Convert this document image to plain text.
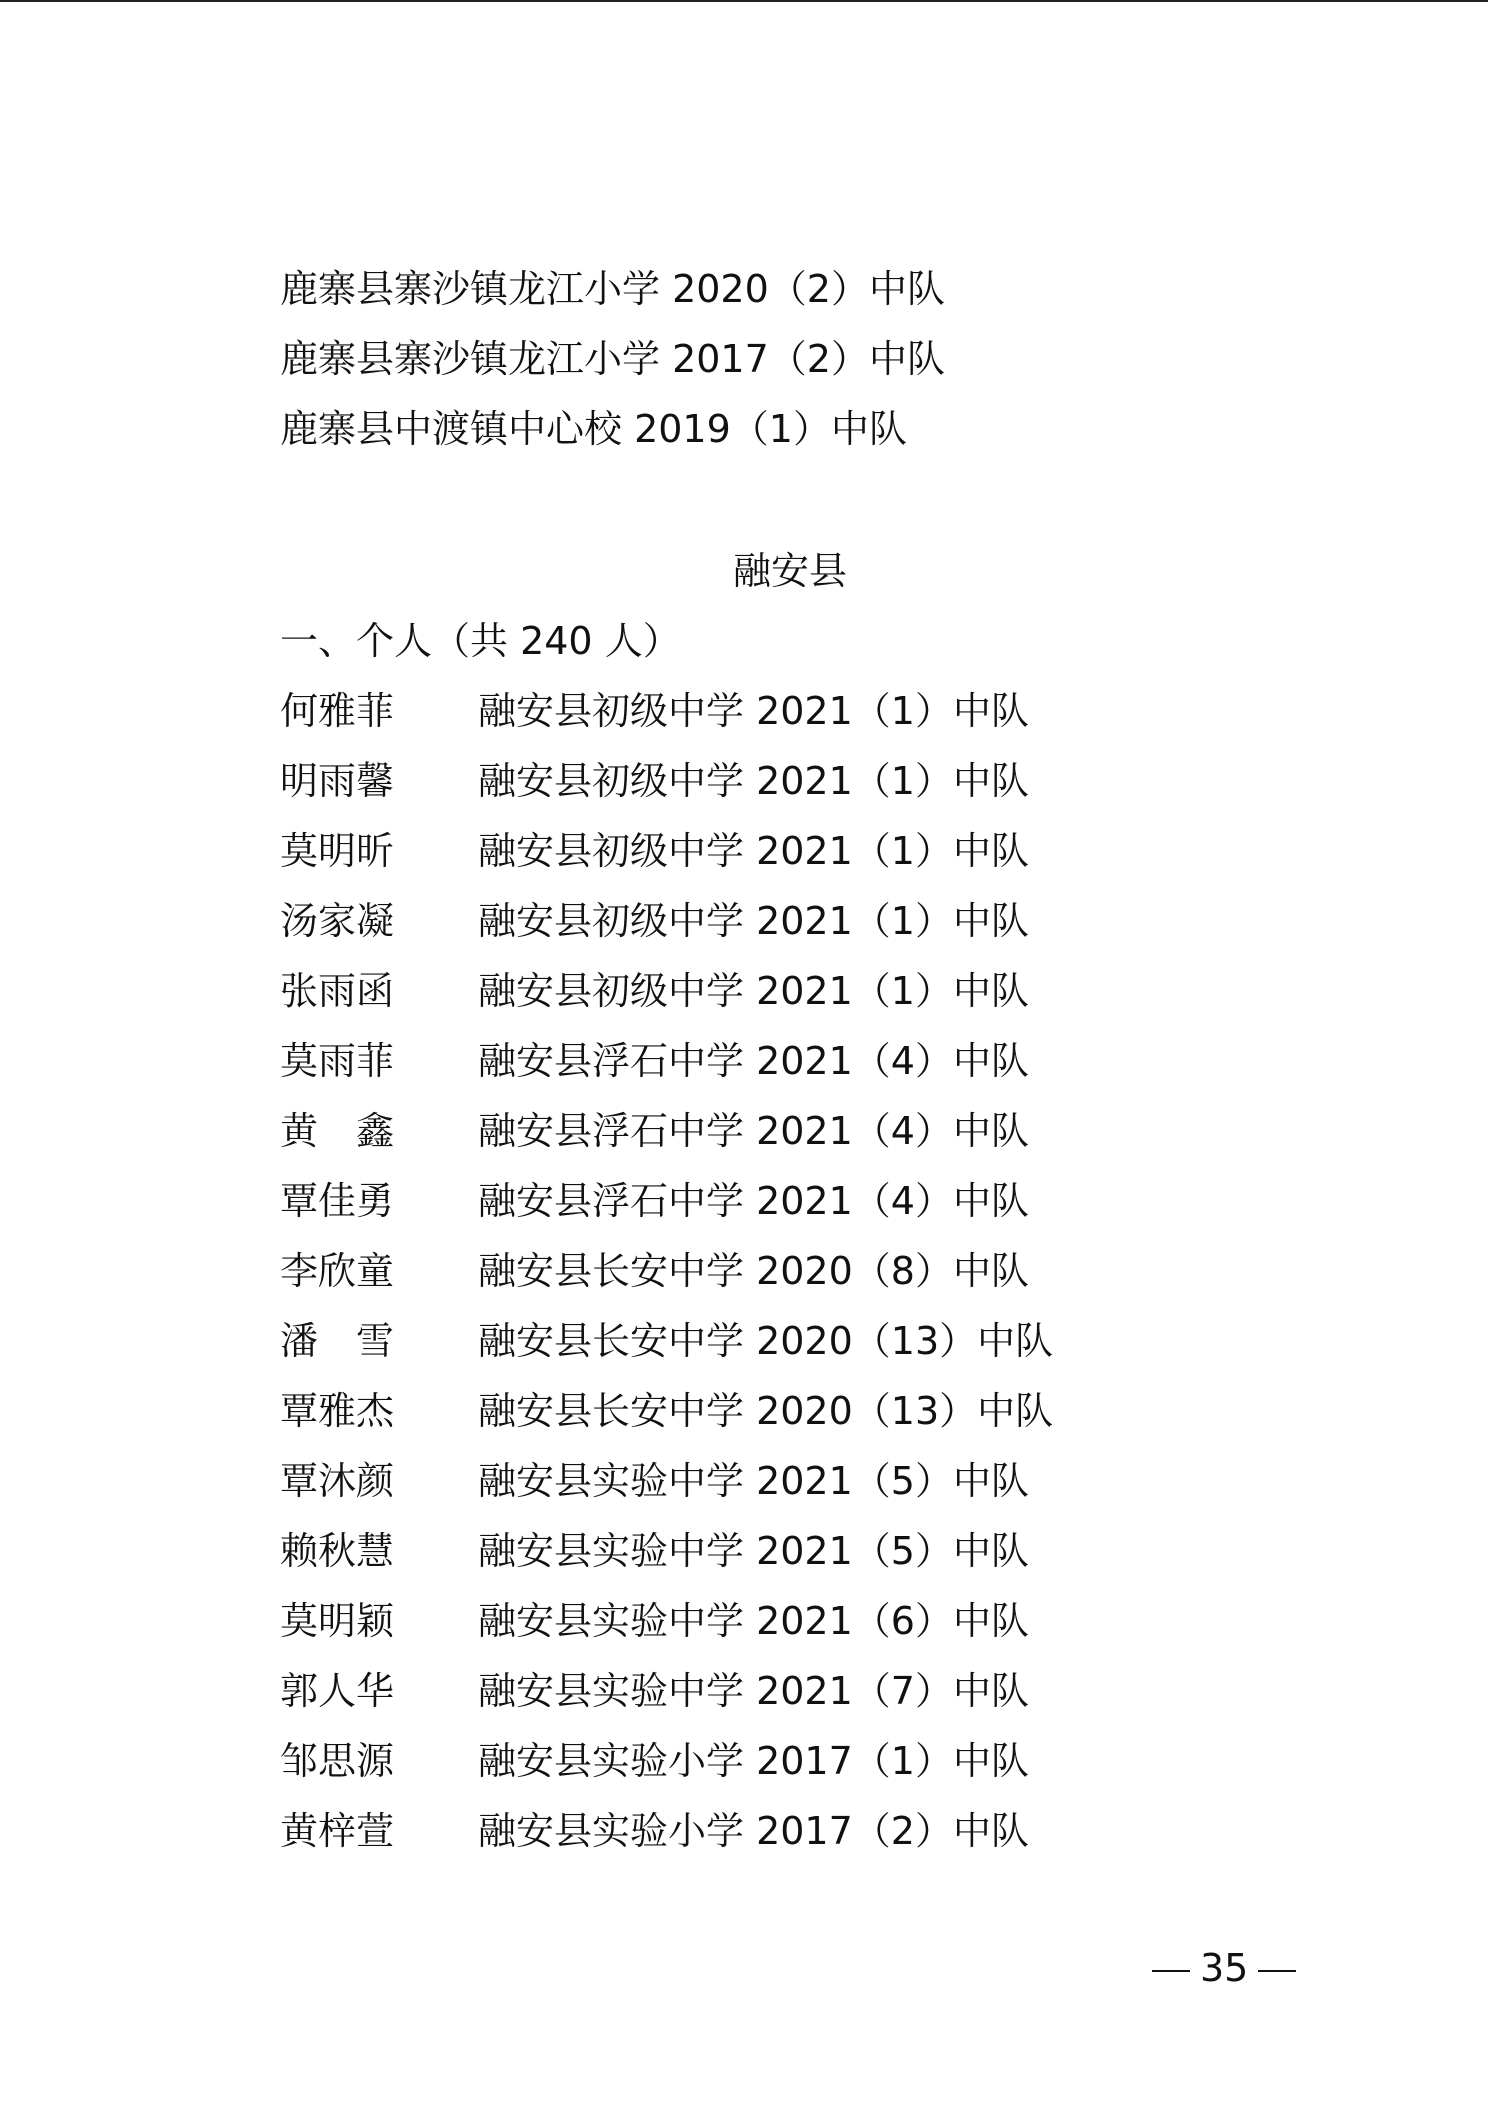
鹿寨县寨沙镇龙江小学 2020（2）中队
鹿寨县寨沙镇龙江小学 2017（2）中队
鹿寨县中渡镇中心校 2019（1）中队
融安县
一、个人（共 240 人）
何雅菲	融安县初级中学 2021（1）中队
明雨馨	融安县初级中学 2021（1）中队
莫明昕	融安县初级中学 2021（1）中队
汤家凝	融安县初级中学 2021（1）中队
张雨函	融安县初级中学 2021（1）中队
莫雨菲	融安县浮石中学 2021（4）中队
黄　鑫	融安县浮石中学 2021（4）中队
覃佳勇	融安县浮石中学 2021（4）中队
李欣童	融安县长安中学 2020（8）中队
潘　雪	融安县长安中学 2020（13）中队
覃雅杰	融安县长安中学 2020（13）中队
覃沐颜	融安县实验中学 2021（5）中队
赖秋慧	融安县实验中学 2021（5）中队
莫明颖	融安县实验中学 2021（6）中队
郭人华	融安县实验中学 2021（7）中队
邹思源	融安县实验小学 2017（1）中队
黄梓萱	融安县实验小学 2017（2）中队
35
